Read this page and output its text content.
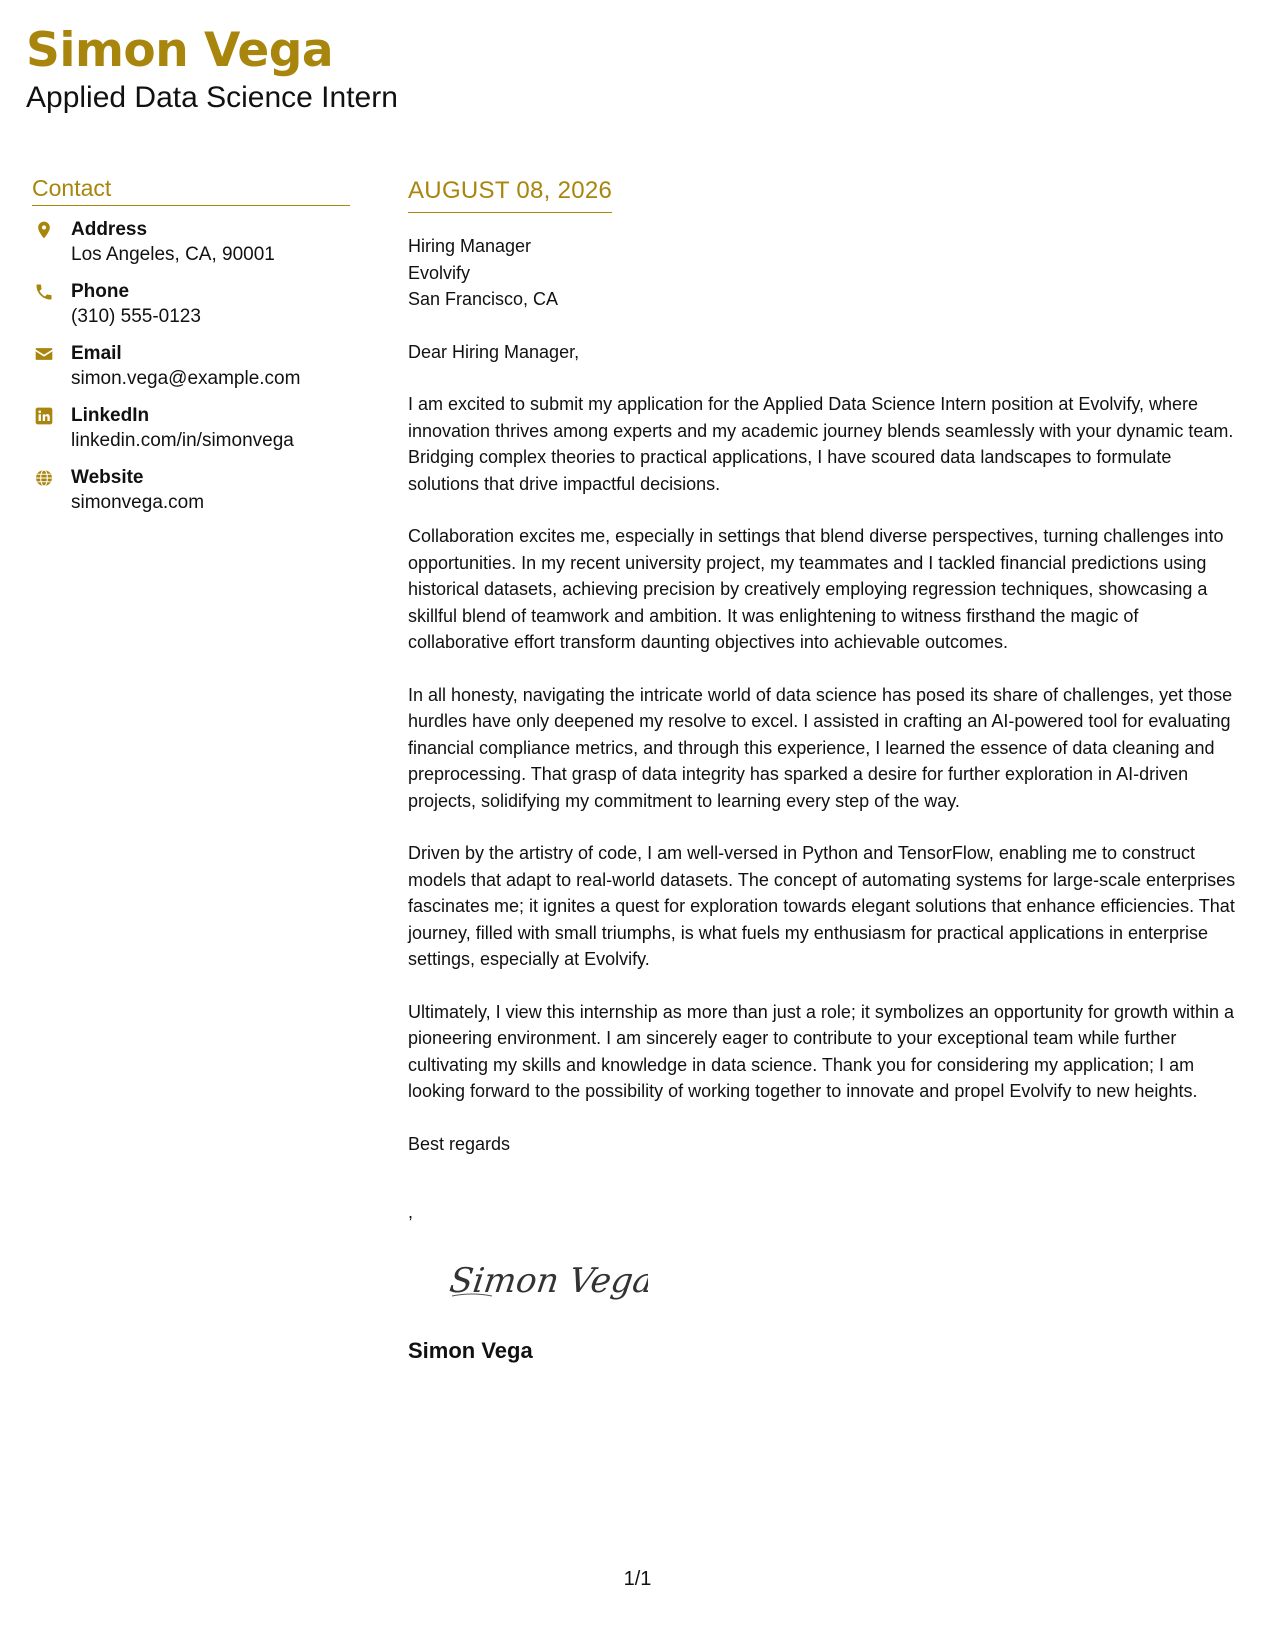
Simon Vega
Applied Data Science Intern
Contact
Address
Los Angeles, CA, 90001
Phone
(310) 555-0123
Email
simon.vega@example.com
LinkedIn
linkedin.com/in/simonvega
Website
simonvega.com
AUGUST 08, 2026
Hiring Manager
Evolvify
San Francisco, CA

Dear Hiring Manager,

I am excited to submit my application for the Applied Data Science Intern position at Evolvify, where innovation thrives among experts and my academic journey blends seamlessly with your dynamic team. Bridging complex theories to practical applications, I have scoured data landscapes to formulate solutions that drive impactful decisions.

Collaboration excites me, especially in settings that blend diverse perspectives, turning challenges into opportunities. In my recent university project, my teammates and I tackled financial predictions using historical datasets, achieving precision by creatively employing regression techniques, showcasing a skillful blend of teamwork and ambition. It was enlightening to witness firsthand the magic of collaborative effort transform daunting objectives into achievable outcomes.

In all honesty, navigating the intricate world of data science has posed its share of challenges, yet those hurdles have only deepened my resolve to excel. I assisted in crafting an AI-powered tool for evaluating financial compliance metrics, and through this experience, I learned the essence of data cleaning and preprocessing. That grasp of data integrity has sparked a desire for further exploration in AI-driven projects, solidifying my commitment to learning every step of the way.

Driven by the artistry of code, I am well-versed in Python and TensorFlow, enabling me to construct models that adapt to real-world datasets. The concept of automating systems for large-scale enterprises fascinates me; it ignites a quest for exploration towards elegant solutions that enhance efficiencies. That journey, filled with small triumphs, is what fuels my enthusiasm for practical applications in enterprise settings, especially at Evolvify.

Ultimately, I view this internship as more than just a role; it symbolizes an opportunity for growth within a pioneering environment. I am sincerely eager to contribute to your exceptional team while further cultivating my skills and knowledge in data science. Thank you for considering my application; I am looking forward to the possibility of working together to innovate and propel Evolvify to new heights.

Best regards

,
Simon Vega
Simon Vega
1/1
